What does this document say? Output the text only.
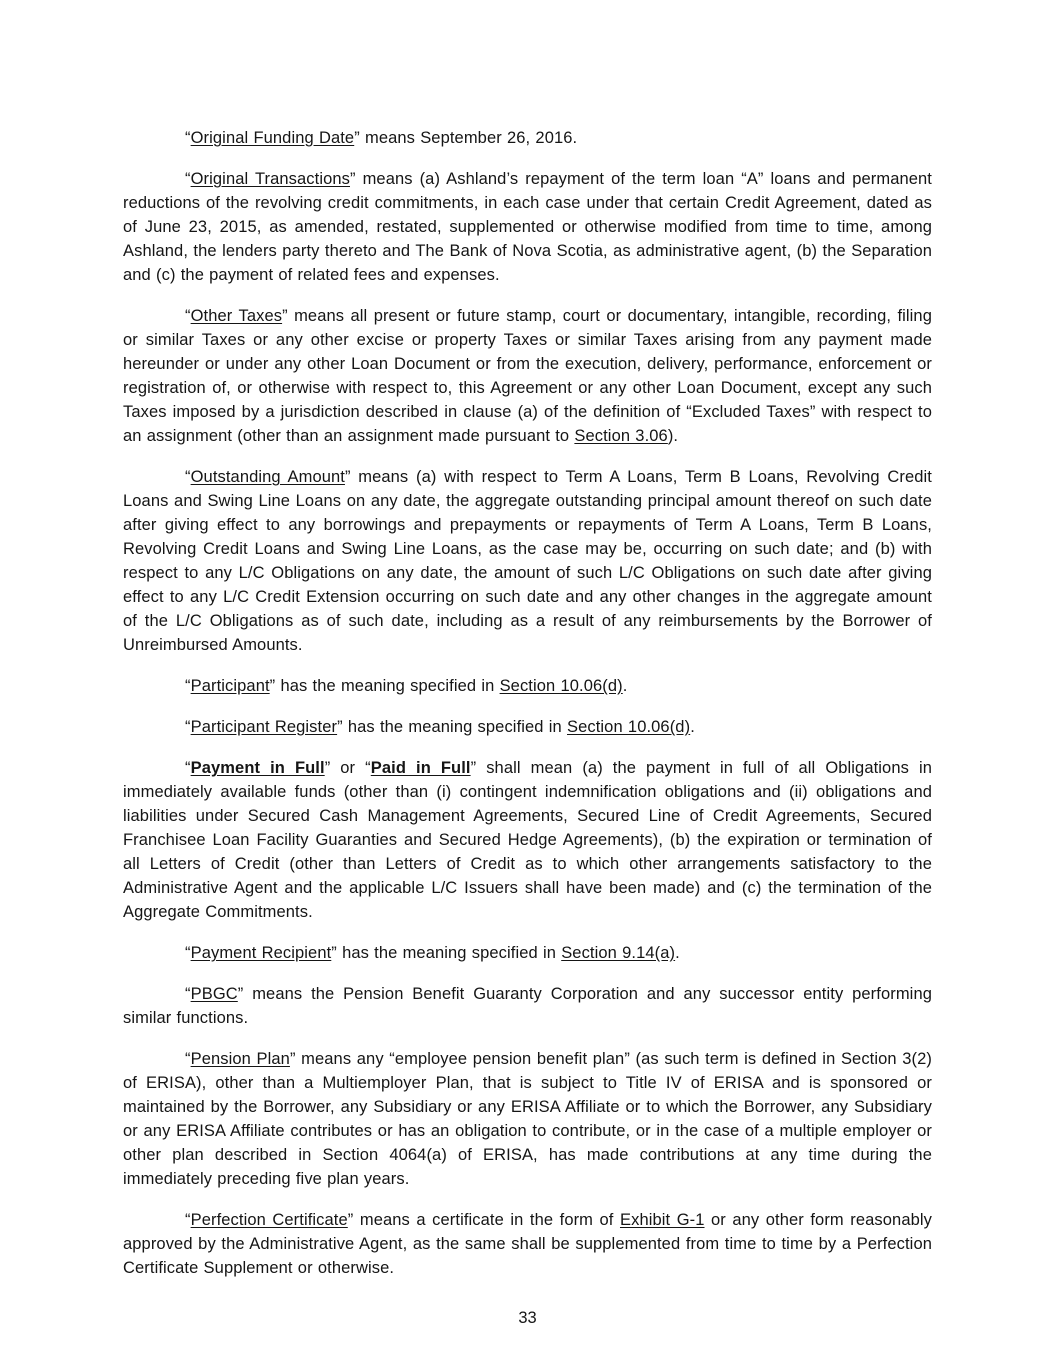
“Original Funding Date” means September 26, 2016.

“Original Transactions” means (a) Ashland’s repayment of the term loan “A” loans and permanent reductions of the revolving credit commitments, in each case under that certain Credit Agreement, dated as of June 23, 2015, as amended, restated, supplemented or otherwise modified from time to time, among Ashland, the lenders party thereto and The Bank of Nova Scotia, as administrative agent, (b) the Separation and (c) the payment of related fees and expenses.

“Other Taxes” means all present or future stamp, court or documentary, intangible, recording, filing or similar Taxes or any other excise or property Taxes or similar Taxes arising from any payment made hereunder or under any other Loan Document or from the execution, delivery, performance, enforcement or registration of, or otherwise with respect to, this Agreement or any other Loan Document, except any such Taxes imposed by a jurisdiction described in clause (a) of the definition of “Excluded Taxes” with respect to an assignment (other than an assignment made pursuant to Section 3.06).

“Outstanding Amount” means (a) with respect to Term A Loans, Term B Loans, Revolving Credit Loans and Swing Line Loans on any date, the aggregate outstanding principal amount thereof on such date after giving effect to any borrowings and prepayments or repayments of Term A Loans, Term B Loans, Revolving Credit Loans and Swing Line Loans, as the case may be, occurring on such date; and (b) with respect to any L/C Obligations on any date, the amount of such L/C Obligations on such date after giving effect to any L/C Credit Extension occurring on such date and any other changes in the aggregate amount of the L/C Obligations as of such date, including as a result of any reimbursements by the Borrower of Unreimbursed Amounts.

“Participant” has the meaning specified in Section 10.06(d).

“Participant Register” has the meaning specified in Section 10.06(d).

“Payment in Full” or “Paid in Full” shall mean (a) the payment in full of all Obligations in immediately available funds (other than (i) contingent indemnification obligations and (ii) obligations and liabilities under Secured Cash Management Agreements, Secured Line of Credit Agreements, Secured Franchisee Loan Facility Guaranties and Secured Hedge Agreements), (b) the expiration or termination of all Letters of Credit (other than Letters of Credit as to which other arrangements satisfactory to the Administrative Agent and the applicable L/C Issuers shall have been made) and (c) the termination of the Aggregate Commitments.

“Payment Recipient” has the meaning specified in Section 9.14(a).

“PBGC” means the Pension Benefit Guaranty Corporation and any successor entity performing similar functions.

“Pension Plan” means any “employee pension benefit plan” (as such term is defined in Section 3(2) of ERISA), other than a Multiemployer Plan, that is subject to Title IV of ERISA and is sponsored or maintained by the Borrower, any Subsidiary or any ERISA Affiliate or to which the Borrower, any Subsidiary or any ERISA Affiliate contributes or has an obligation to contribute, or in the case of a multiple employer or other plan described in Section 4064(a) of ERISA, has made contributions at any time during the immediately preceding five plan years.

“Perfection Certificate” means a certificate in the form of Exhibit G-1 or any other form reasonably approved by the Administrative Agent, as the same shall be supplemented from time to time by a Perfection Certificate Supplement or otherwise.

33
